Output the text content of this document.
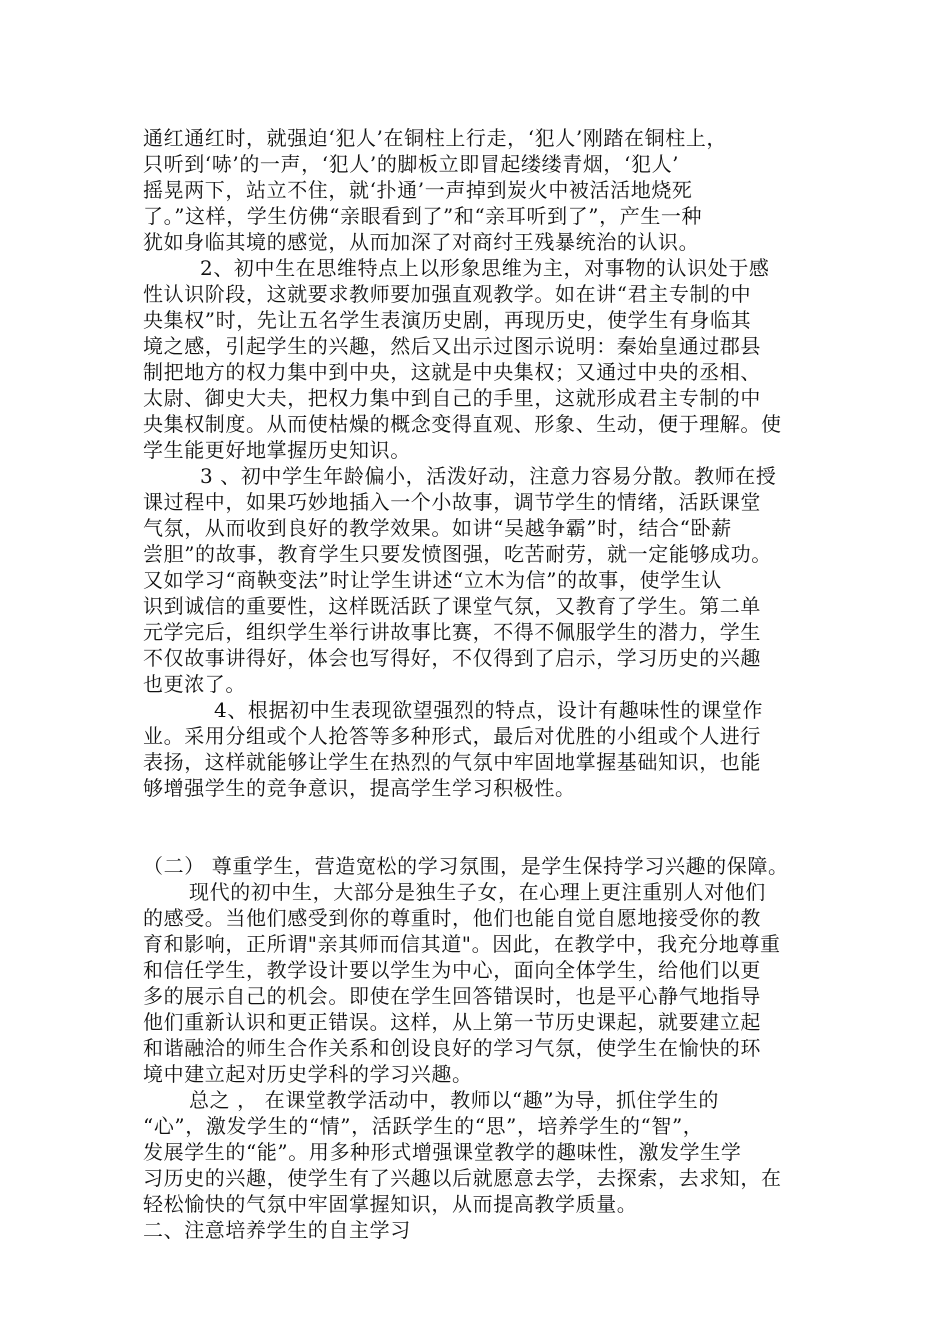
通红通红时，就强迫‘犯人’在铜柱上行走，‘犯人’刚踏在铜柱上，

只听到‘哧’的一声，‘犯人’的脚板立即冒起缕缕青烟，‘犯人’

摇晃两下，站立不住，就‘扑通’一声掉到炭火中被活活地烧死

了。”这样，学生仿佛“亲眼看到了”和“亲耳听到了”，产生一种

犹如身临其境的感觉，从而加深了对商纣王残暴统治的认识。

2、初中生在思维特点上以形象思维为主，对事物的认识处于感

性认识阶段，这就要求教师要加强直观教学。如在讲“君主专制的中

央集权”时，先让五名学生表演历史剧，再现历史，使学生有身临其

境之感，引起学生的兴趣，然后又出示过图示说明：秦始皇通过郡县

制把地方的权力集中到中央，这就是中央集权；又通过中央的丞相、

太尉、御史大夫，把权力集中到自己的手里，这就形成君主专制的中

央集权制度。从而使枯燥的概念变得直观、形象、生动，便于理解。使

学生能更好地掌握历史知识。

3 、初中学生年龄偏小，活泼好动，注意力容易分散。教师在授

课过程中，如果巧妙地插入一个小故事，调节学生的情绪，活跃课堂

气氛，从而收到良好的教学效果。如讲“吴越争霸”时，结合“卧薪

尝胆”的故事，教育学生只要发愤图强，吃苦耐劳，就一定能够成功。

又如学习“商鞅变法”时让学生讲述“立木为信”的故事，使学生认

识到诚信的重要性，这样既活跃了课堂气氛，又教育了学生。第二单

元学完后，组织学生举行讲故事比赛，不得不佩服学生的潜力，学生

不仅故事讲得好，体会也写得好，不仅得到了启示，学习历史的兴趣

也更浓了。

4、根据初中生表现欲望强烈的特点，设计有趣味性的课堂作

业。采用分组或个人抢答等多种形式，最后对优胜的小组或个人进行

表扬，这样就能够让学生在热烈的气氛中牢固地掌握基础知识，也能

够增强学生的竞争意识，提高学生学习积极性。

（二） 尊重学生，营造宽松的学习氛围，是学生保持学习兴趣的保障。

现代的初中生，大部分是独生子女，在心理上更注重别人对他们

的感受。当他们感受到你的尊重时，他们也能自觉自愿地接受你的教

育和影响，正所谓"亲其师而信其道"。因此，在教学中，我充分地尊重

和信任学生，教学设计要以学生为中心，面向全体学生，给他们以更

多的展示自己的机会。即使在学生回答错误时，也是平心静气地指导

他们重新认识和更正错误。这样，从上第一节历史课起，就要建立起

和谐融洽的师生合作关系和创设良好的学习气氛，使学生在愉快的环

境中建立起对历史学科的学习兴趣。

总之 ， 在课堂教学活动中，教师以“趣”为导，抓住学生的

“心”，激发学生的“情”，活跃学生的“思”，培养学生的“智”，

发展学生的“能”。用多种形式增强课堂教学的趣味性，激发学生学

习历史的兴趣，使学生有了兴趣以后就愿意去学，去探索，去求知，在

轻松愉快的气氛中牢固掌握知识，从而提高教学质量。

二、注意培养学生的自主学习
